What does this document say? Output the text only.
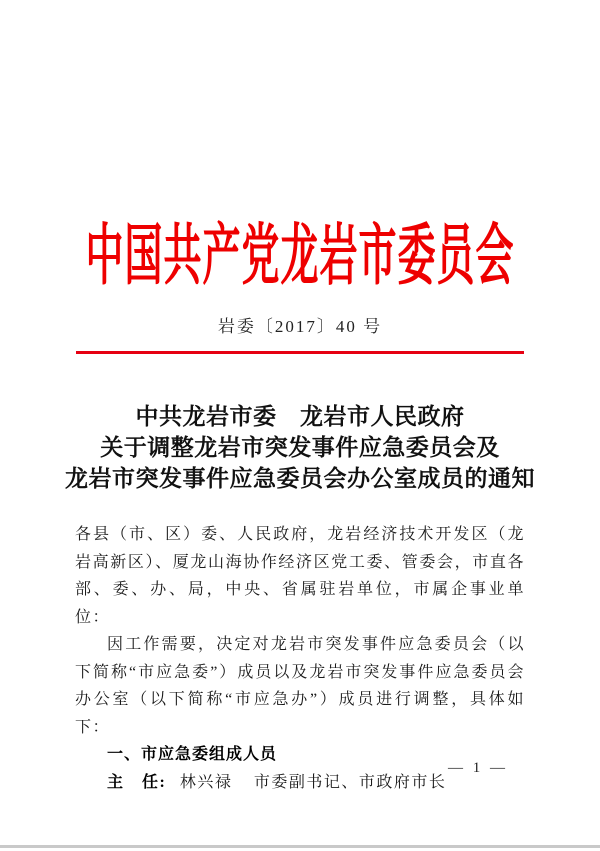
中国共产党龙岩市委员会
岩委〔2017〕40 号
中共龙岩市委　龙岩市人民政府
关于调整龙岩市突发事件应急委员会及
龙岩市突发事件应急委员会办公室成员的通知

各县（市、区）委、人民政府，龙岩经济技术开发区（龙岩高新区）、厦龙山海协作经济区党工委、管委会，市直各部、委、办、局，中央、省属驻岩单位，市属企事业单位：

因工作需要，决定对龙岩市突发事件应急委员会（以下简称“市应急委”）成员以及龙岩市突发事件应急委员会办公室（以下简称“市应急办”）成员进行调整，具体如下：

一、市应急委组成人员

主　任: 林兴禄 市委副书记、市政府市长

— 1 —
